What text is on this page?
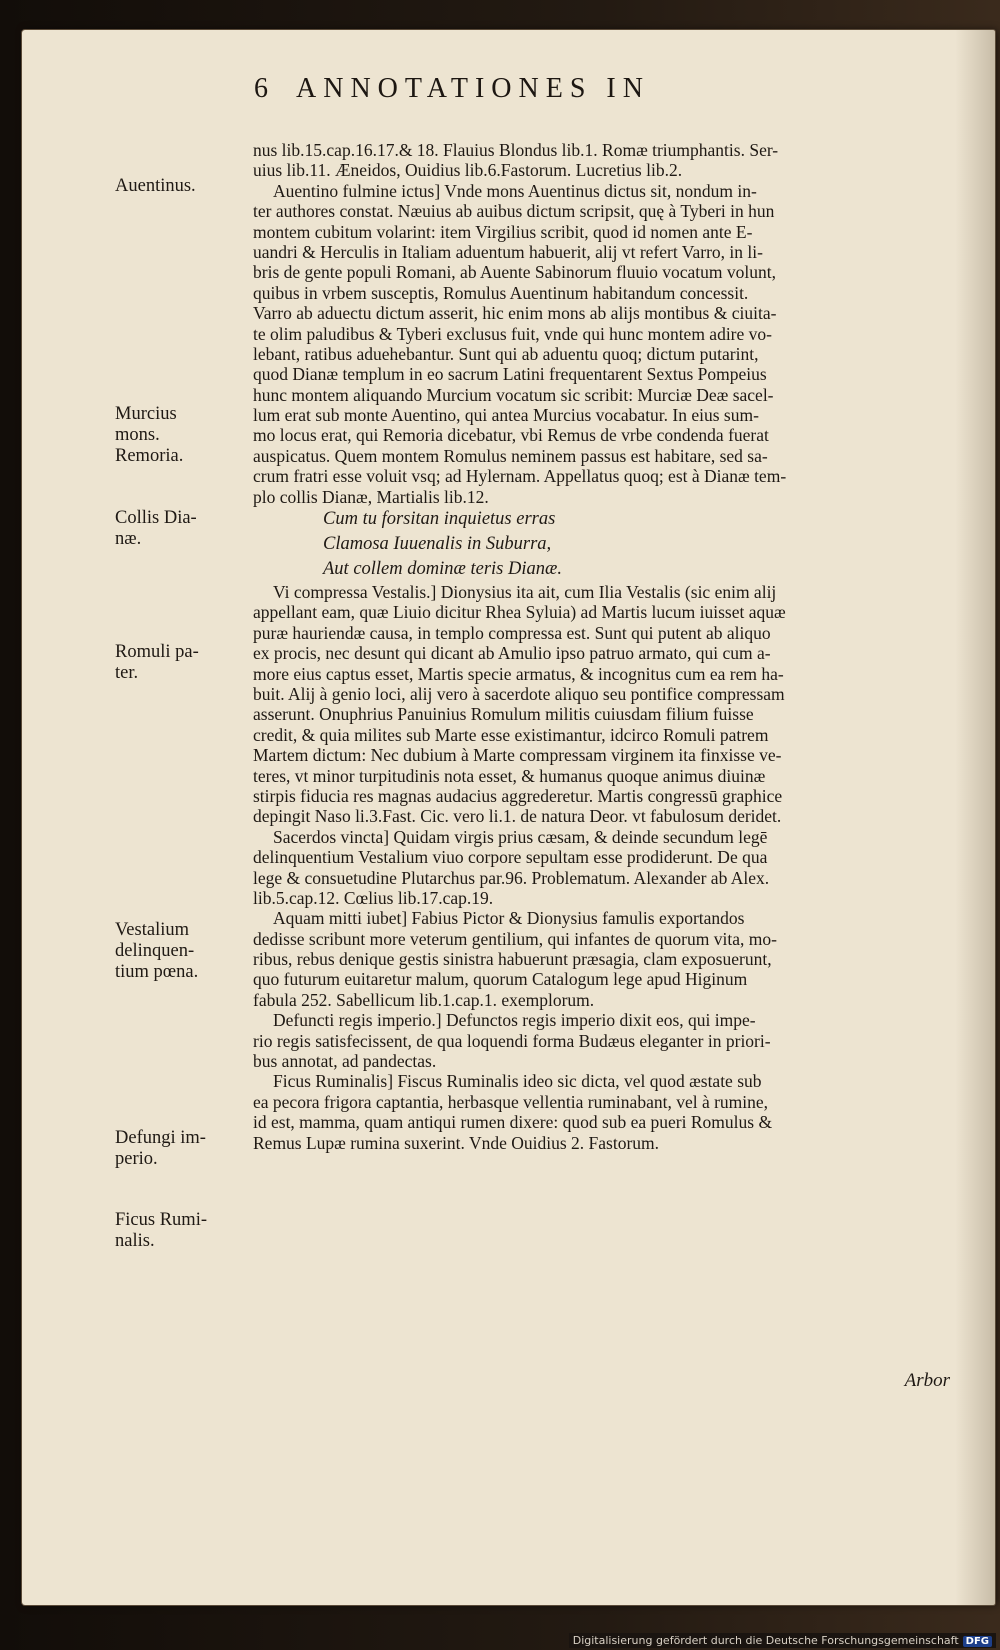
6 ANNOTATIONES IN
Auentinus.
Murcius
mons.
Remoria.
Collis Dia-
næ.
Romuli pa-
ter.
Vestalium
delinquen-
tium pœna.
Defungi im-
perio.
Ficus Rumi-
nalis.
nus lib.15.cap.16.17.& 18. Flauius Blondus lib.1. Romæ triumphantis. Ser-
uius lib.11. Æneidos, Ouidius lib.6.Fastorum. Lucretius lib.2.
Auentino fulmine ictus] Vnde mons Auentinus dictus sit, nondum in-
ter authores constat. Næuius ab auibus dictum scripsit, quę à Tyberi in hun
montem cubitum volarint: item Virgilius scribit, quod id nomen ante E-
uandri & Herculis in Italiam aduentum habuerit, alij vt refert Varro, in li-
bris de gente populi Romani, ab Auente Sabinorum fluuio vocatum volunt,
quibus in vrbem susceptis, Romulus Auentinum habitandum concessit.
Varro ab aduectu dictum asserit, hic enim mons ab alijs montibus & ciuita-
te olim paludibus & Tyberi exclusus fuit, vnde qui hunc montem adire vo-
lebant, ratibus aduehebantur. Sunt qui ab aduentu quoq; dictum putarint,
quod Dianæ templum in eo sacrum Latini frequentarent Sextus Pompeius
hunc montem aliquando Murcium vocatum sic scribit: Murciæ Deæ sacel-
lum erat sub monte Auentino, qui antea Murcius vocabatur. In eius sum-
mo locus erat, qui Remoria dicebatur, vbi Remus de vrbe condenda fuerat
auspicatus. Quem montem Romulus neminem passus est habitare, sed sa-
crum fratri esse voluit vsq; ad Hylernam. Appellatus quoq; est à Dianæ tem-
plo collis Dianæ, Martialis lib.12.
Cum tu forsitan inquietus erras
Clamosa Iuuenalis in Suburra,
Aut collem dominæ teris Dianæ.
Vi compressa Vestalis.] Dionysius ita ait, cum Ilia Vestalis (sic enim alij
appellant eam, quæ Liuio dicitur Rhea Syluia) ad Martis lucum iuisset aquæ
puræ hauriendæ causa, in templo compressa est. Sunt qui putent ab aliquo
ex procis, nec desunt qui dicant ab Amulio ipso patruo armato, qui cum a-
more eius captus esset, Martis specie armatus, & incognitus cum ea rem ha-
buit. Alij à genio loci, alij vero à sacerdote aliquo seu pontifice compressam
asserunt. Onuphrius Panuinius Romulum militis cuiusdam filium fuisse
credit, & quia milites sub Marte esse existimantur, idcirco Romuli patrem
Martem dictum: Nec dubium à Marte compressam virginem ita finxisse ve-
teres, vt minor turpitudinis nota esset, & humanus quoque animus diuinæ
stirpis fiducia res magnas audacius aggrederetur. Martis congressū graphice
depingit Naso li.3.Fast. Cic. vero li.1. de natura Deor. vt fabulosum deridet.
Sacerdos vincta] Quidam virgis prius cæsam, & deinde secundum legē
delinquentium Vestalium viuo corpore sepultam esse prodiderunt. De qua
lege & consuetudine Plutarchus par.96. Problematum. Alexander ab Alex.
lib.5.cap.12. Cœlius lib.17.cap.19.
Aquam mitti iubet] Fabius Pictor & Dionysius famulis exportandos
dedisse scribunt more veterum gentilium, qui infantes de quorum vita, mo-
ribus, rebus denique gestis sinistra habuerunt præsagia, clam exposuerunt,
quo futurum euitaretur malum, quorum Catalogum lege apud Higinum
fabula 252. Sabellicum lib.1.cap.1. exemplorum.
Defuncti regis imperio.] Defunctos regis imperio dixit eos, qui impe-
rio regis satisfecissent, de qua loquendi forma Budæus eleganter in priori-
bus annotat, ad pandectas.
Ficus Ruminalis] Fiscus Ruminalis ideo sic dicta, vel quod æstate sub
ea pecora frigora captantia, herbasque vellentia ruminabant, vel à rumine,
id est, mamma, quam antiqui rumen dixere: quod sub ea pueri Romulus &
Remus Lupæ rumina suxerint. Vnde Ouidius 2. Fastorum.
Arbor
Digitalisierung gefördert durch die Deutsche Forschungsgemeinschaft DFG
